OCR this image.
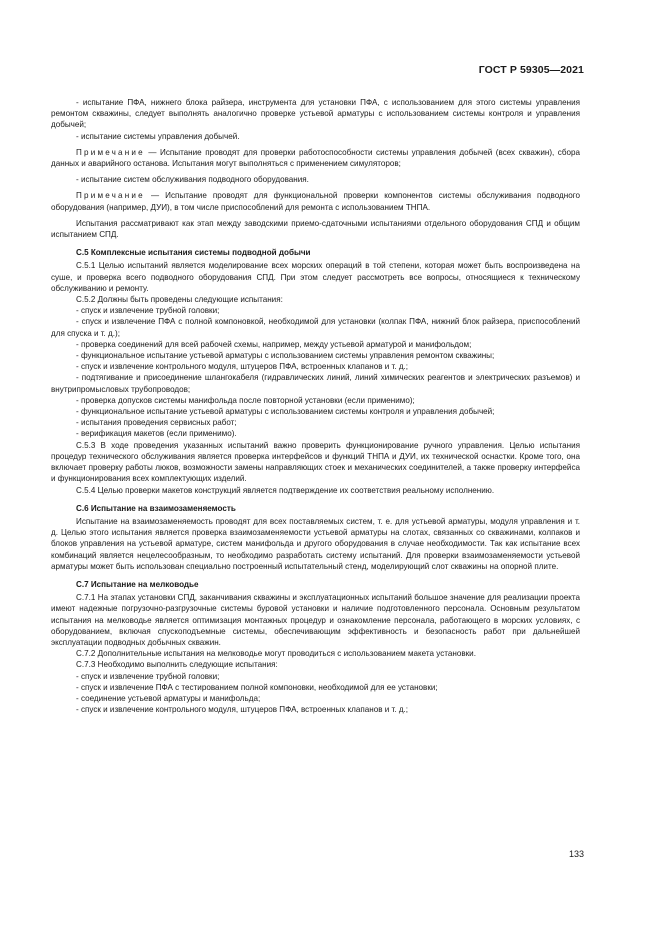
ГОСТ Р 59305—2021

- испытание ПФА, нижнего блока райзера, инструмента для установки ПФА, с использованием для этого системы управления ремонтом скважины, следует выполнять аналогично проверке устьевой арматуры с использованием системы контроля и управления добычей;

- испытание системы управления добычей.

Примечание — Испытание проводят для проверки работоспособности системы управления добычей (всех скважин), сбора данных и аварийного останова. Испытания могут выполняться с применением симуляторов;

- испытание систем обслуживания подводного оборудования.

Примечание — Испытание проводят для функциональной проверки компонентов системы обслуживания подводного оборудования (например, ДУИ), в том числе приспособлений для ремонта с использованием ТНПА.

Испытания рассматривают как этап между заводскими приемо-сдаточными испытаниями отдельного оборудования СПД и общим испытанием СПД.

С.5 Комплексные испытания системы подводной добычи

С.5.1 Целью испытаний является моделирование всех морских операций в той степени, которая может быть воспроизведена на суше, и проверка всего подводного оборудования СПД. При этом следует рассмотреть все вопросы, относящиеся к техническому обслуживанию и ремонту.

С.5.2 Должны быть проведены следующие испытания:

- спуск и извлечение трубной головки;

- спуск и извлечение ПФА с полной компоновкой, необходимой для установки (колпак ПФА, нижний блок райзера, приспособлений для спуска и т. д.);

- проверка соединений для всей рабочей схемы, например, между устьевой арматурой и манифольдом;

- функциональное испытание устьевой арматуры с использованием системы управления ремонтом скважины;

- спуск и извлечение контрольного модуля, штуцеров ПФА, встроенных клапанов и т. д.;

- подтягивание и присоединение шлангокабеля (гидравлических линий, линий химических реагентов и электрических разъемов) и внутрипромысловых трубопроводов;

- проверка допусков системы манифольда после повторной установки (если применимо);

- функциональное испытание устьевой арматуры с использованием системы контроля и управления добычей;

- испытания проведения сервисных работ;

- верификация макетов (если применимо).

С.5.3 В ходе проведения указанных испытаний важно проверить функционирование ручного управления. Целью испытания процедур технического обслуживания является проверка интерфейсов и функций ТНПА и ДУИ, их технической оснастки. Кроме того, она включает проверку работы люков, возможности замены направляющих стоек и механических соединителей, а также проверку интерфейса и функционирования всех комплектующих изделий.

С.5.4 Целью проверки макетов конструкций является подтверждение их соответствия реальному исполнению.

С.6 Испытание на взаимозаменяемость

Испытание на взаимозаменяемость проводят для всех поставляемых систем, т. е. для устьевой арматуры, модуля управления и т. д. Целью этого испытания является проверка взаимозаменяемости устьевой арматуры на слотах, связанных со скважинами, колпаков и блоков управления на устьевой арматуре, систем манифольда и другого оборудования в случае необходимости. Так как испытание всех комбинаций является нецелесообразным, то необходимо разработать систему испытаний. Для проверки взаимозаменяемости устьевой арматуры может быть использован специально построенный испытательный стенд, моделирующий слот скважины на опорной плите.

С.7 Испытание на мелководье

С.7.1 На этапах установки СПД, заканчивания скважины и эксплуатационных испытаний большое значение для реализации проекта имеют надежные погрузочно-разгрузочные системы буровой установки и наличие подготовленного персонала. Основным результатом испытания на мелководье является оптимизация монтажных процедур и ознакомление персонала, работающего в морских условиях, с оборудованием, включая спускоподъемные системы, обеспечивающим эффективность и безопасность работ при дальнейшей эксплуатации подводных добычных скважин.

С.7.2 Дополнительные испытания на мелководье могут проводиться с использованием макета установки.

С.7.3 Необходимо выполнить следующие испытания:

- спуск и извлечение трубной головки;

- спуск и извлечение ПФА с тестированием полной компоновки, необходимой для ее установки;

- соединение устьевой арматуры и манифольда;

- спуск и извлечение контрольного модуля, штуцеров ПФА, встроенных клапанов и т. д.;

133
